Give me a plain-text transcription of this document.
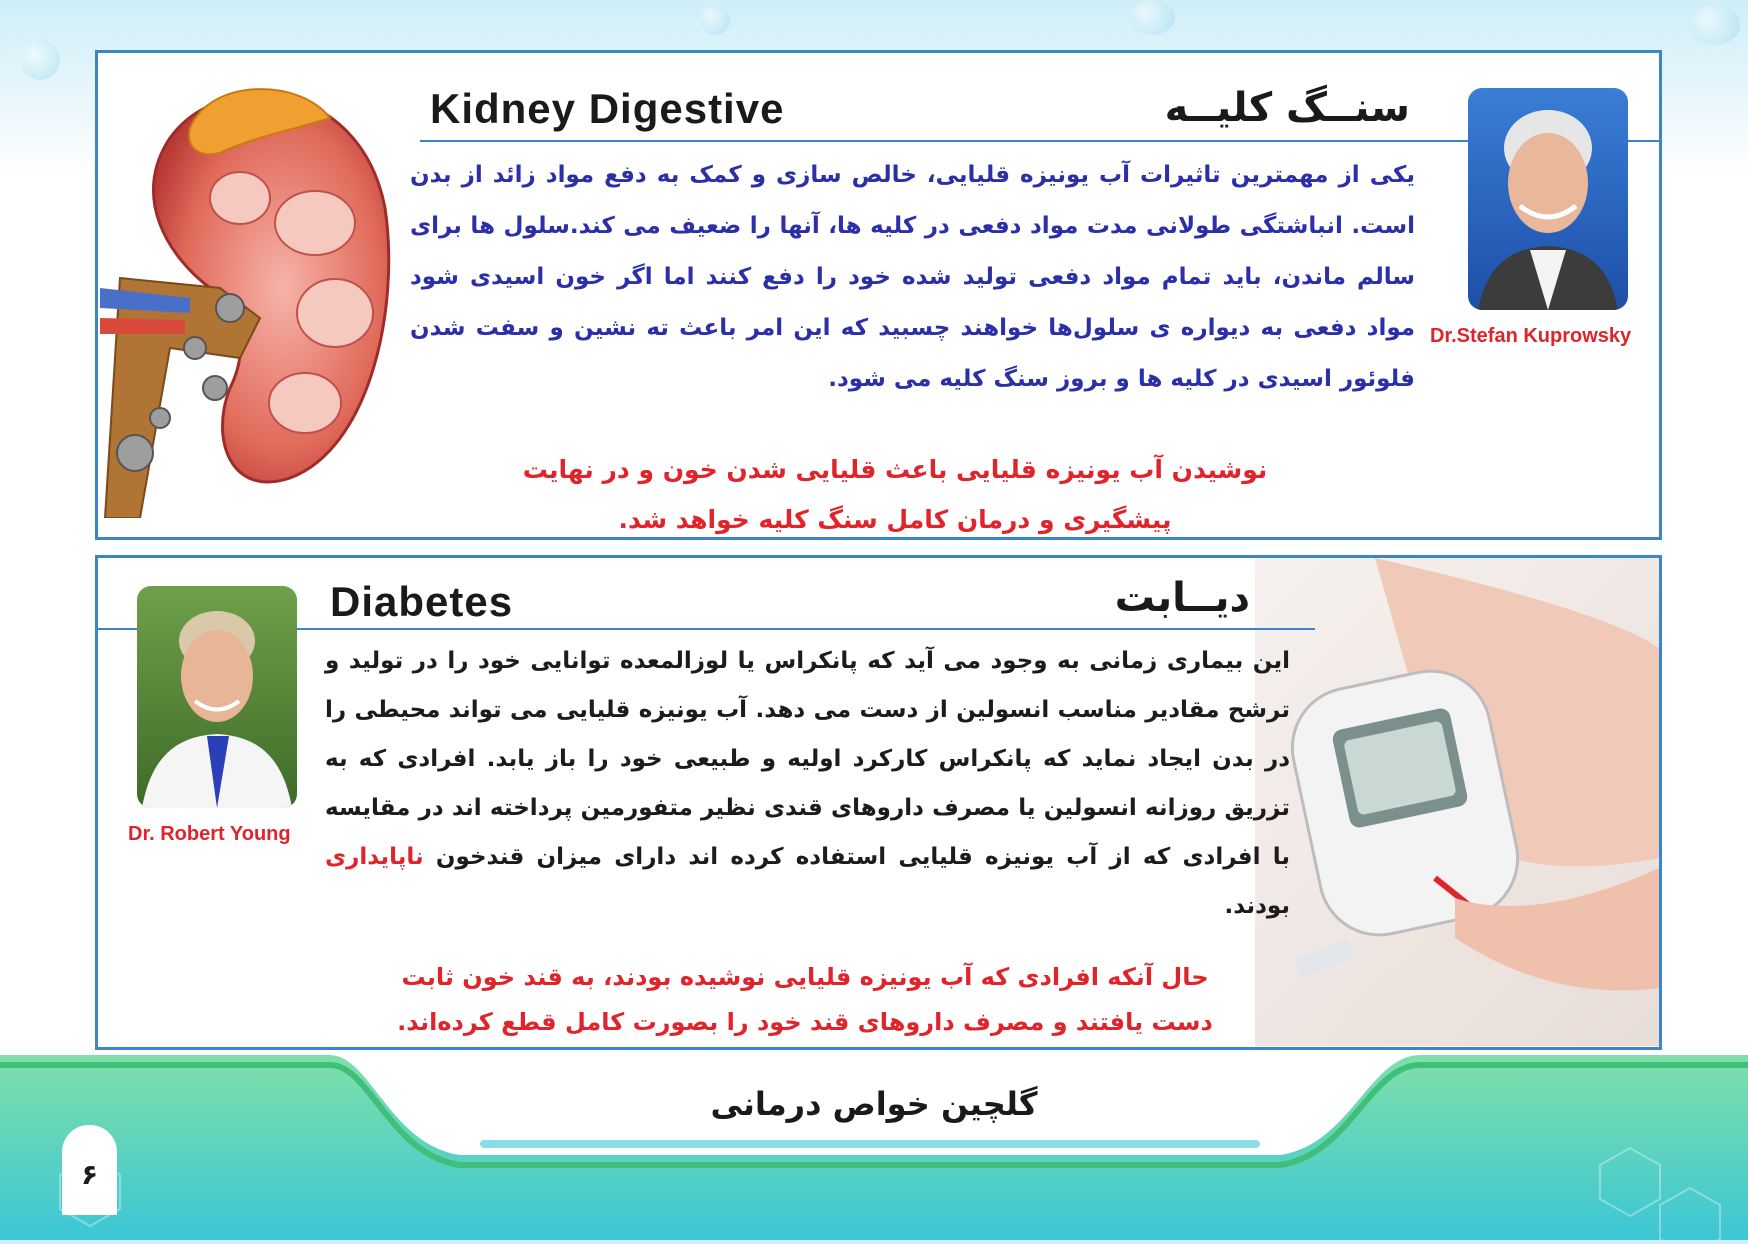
Kidney Digestive	سنــگ کلیــه
Dr.Stefan Kuprowsky
یکی از مهمترین تاثیرات آب یونیزه قلیایی، خالص سازی و کمک به دفع مواد زائد از بدن است. انباشتگی طولانی مدت مواد دفعی در کلیه ها، آنها را ضعیف می کند.سلول ها برای سالم ماندن، باید تمام مواد دفعی تولید شده خود را دفع کنند اما اگر خون اسیدی شود مواد دفعی به دیواره ی سلول‌ها خواهند چسبید که این امر باعث ته نشین و سفت شدن فلوئور اسیدی در کلیه ها و بروز سنگ کلیه می شود.
نوشیدن آب یونیزه قلیایی باعث قلیایی شدن خون و در نهایت
پیشگیری و درمان کامل سنگ کلیه خواهد شد.
Dr. Robert Young
Diabetes	دیــابت
این بیماری زمانی به وجود می آید که پانکراس یا لوزالمعده توانایی خود را در تولید و ترشح مقادیر مناسب انسولین از دست می دهد. آب یونیزه قلیایی می تواند محیطی را در بدن ایجاد نماید که پانکراس کارکرد اولیه و طبیعی خود را باز یابد. افرادی که به تزریق روزانه انسولین یا مصرف داروهای قندی نظیر متفورمین پرداخته اند در مقایسه با افرادی که از آب یونیزه قلیایی استفاده کرده اند دارای میزان قندخون ناپایداری بودند.
حال آنکه افرادی که آب یونیزه قلیایی نوشیده بودند، به قند خون ثابت
دست یافتند و مصرف داروهای قند خود را بصورت کامل قطع کرده‌اند.
گلچین خواص درمانی
۶
